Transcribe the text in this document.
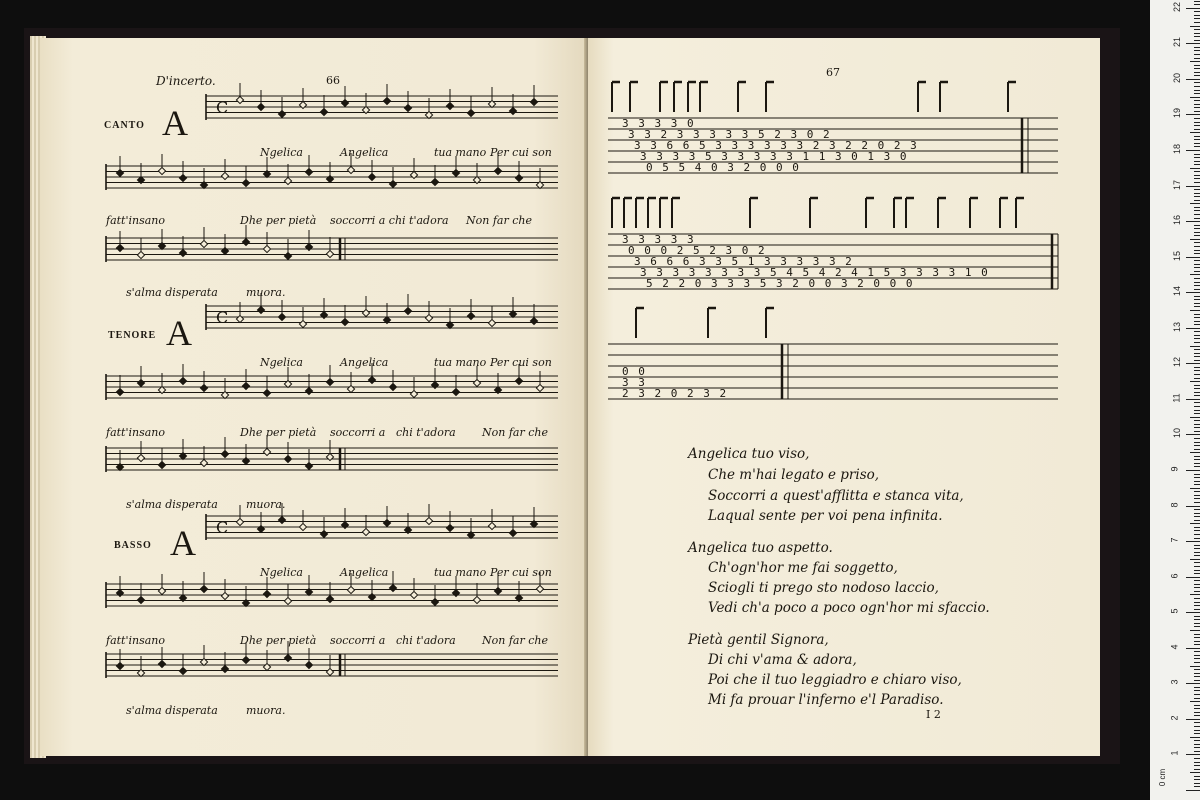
D'incerto.	66
CANTO A
Ngelica	Angelica	tua mano Per cui son
fatt'insano	Dhe per pietà soccorri a chi t'adora Non far che
s'alma disperata	muora.
TENORE A
Ngelica	Angelica	tua mano Per cui son
fatt'insano	Dhe per pietà soccorri a chi t'adora Non far che
s'alma disperata	muora.
BASSO A
Ngelica	Angelica	tua mano Per cui son
fatt'insano	Dhe per pietà soccorri a chi t'adora Non far che
s'alma disperata	muora.
C
C
C
67
3 3 3 3 0
3 3 2 3 3 3 3 3 5 2 3 0 2
3 3 6 6 5 3 3 3 3 3 3 2 3 2 2 0 2 3
3 3 3 3 5 3 3 3 3 3 1 1 3 0 1 3 0
0 5 5 4 0 3 2 0 0 0
3 3 3 3 3
0 0 0 2 5 2 3 0 2
3 6 6 6 3 3 5 1 3 3 3 3 3 2
3 3 3 3 3 3 3 3 5 4 5 4 2 4 1 5 3 3 3 3 1 0
5 2 2 0 3 3 3 5 3 2 0 0 3 2 0 0 0
0 0
3 3
2 3 2 0 2 3 2
Angelica tuo viso,
Che m'hai legato e priso,
Soccorri a quest'afflitta e stanca vita,
Laqual sente per voi pena infinita.
Angelica tuo aspetto.
Ch'ogn'hor me fai soggetto,
Sciogli ti prego sto nodoso laccio,
Vedi ch'a poco a poco ogn'hor mi sfaccio.
Pietà gentil Signora,
Di chi v'ama & adora,
Poi che il tuo leggiadro e chiaro viso,
Mi fa prouar l'inferno e'l Paradiso.
I 2
0 cm
1
2
3
4
5
6
7
8
9
10
11
12
13
14
15
16
17
18
19
20
21
22
